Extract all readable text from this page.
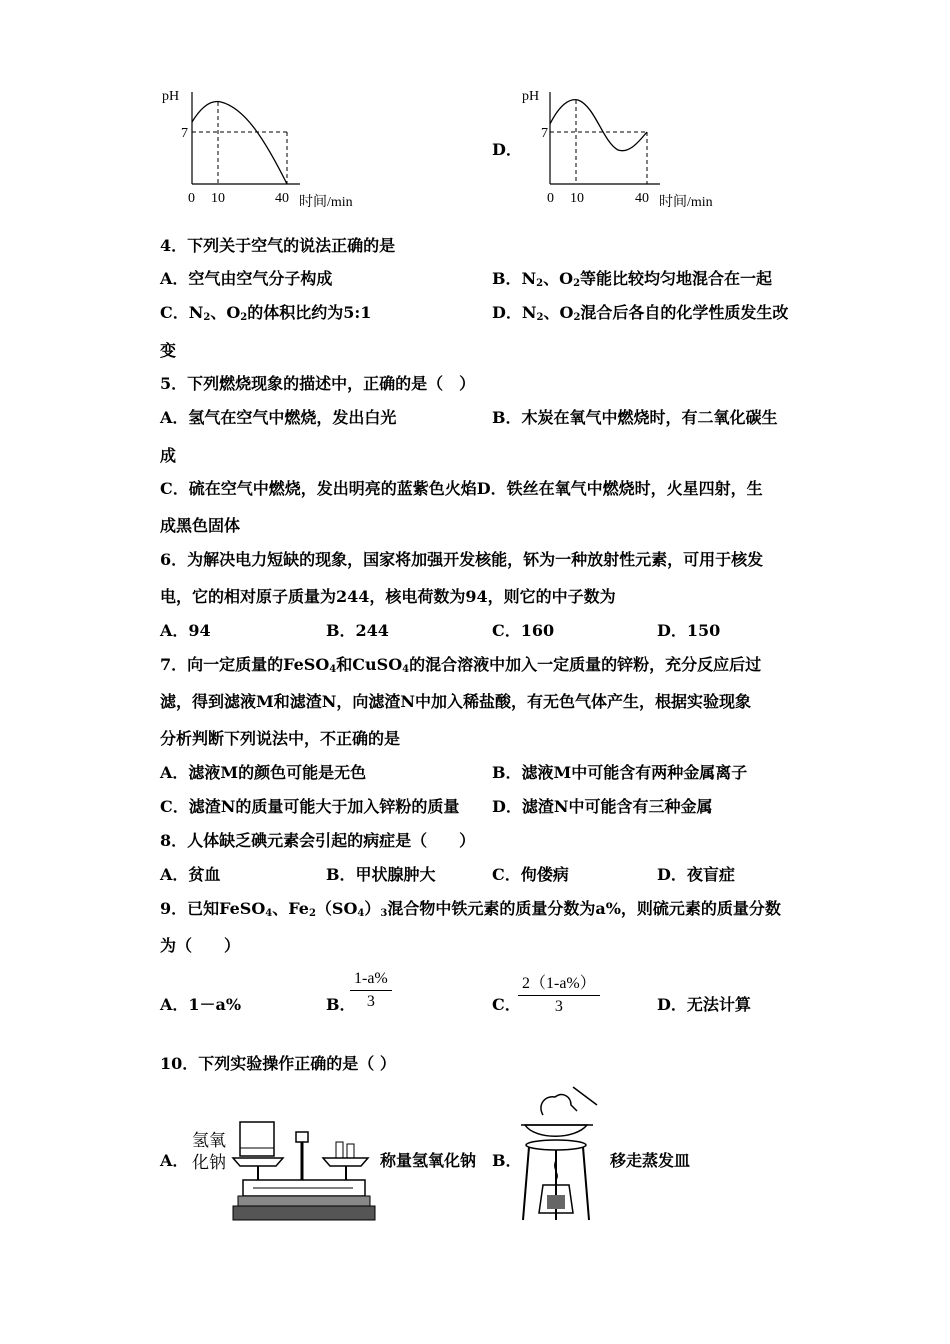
pH
7
0 10	40 时间/min
D．
pH
7
0 10	40 时间/min
4．下列关于空气的说法正确的是
A．空气由空气分子构成	B．$N_2$、$O_2$等能比较均匀地混合在一起
C．$N_2$、$O_2$的体积比约为5:1	D．$N_2$、$O_2$混合后各自的化学性质发生改
变
5．下列燃烧现象的描述中，正确的是（　）
A．氢气在空气中燃烧，发出白光	B．木炭在氧气中燃烧时，有二氧化碳生
成
C．硫在空气中燃烧，发出明亮的蓝紫色火焰D．铁丝在氧气中燃烧时，火星四射，生
成黑色固体
6．为解决电力短缺的现象，国家将加强开发核能，钚为一种放射性元素，可用于核发
电，它的相对原子质量为244，核电荷数为94，则它的中子数为
A．94	B．244	C．160	D．150
7．向一定质量的FeSO$_4$和CuSO$_4$的混合溶液中加入一定质量的锌粉，充分反应后过
滤，得到滤液M和滤渣N，向滤渣N中加入稀盐酸，有无色气体产生，根据实验现象
分析判断下列说法中，不正确的是
A．滤液M的颜色可能是无色	B．滤液M中可能含有两种金属离子
C．滤渣N的质量可能大于加入锌粉的质量 D．滤渣N中可能含有三种金属
8．人体缺乏碘元素会引起的病症是（　　）
A．贫血	B．甲状腺肿大	C．佝偻病	D．夜盲症
9．已知FeSO$_4$、$Fe_2(SO_4)_3$混合物中铁元素的质量分数为a%，则硫元素的质量分数
为（　　）
A．1－a%	B．
1-a%
3	C．
2（1-a%）
3	D．无法计算
10．下列实验操作正确的是（ ）
A．
氢氧
化钠	称量氢氧化钠 B．	移走蒸发皿
